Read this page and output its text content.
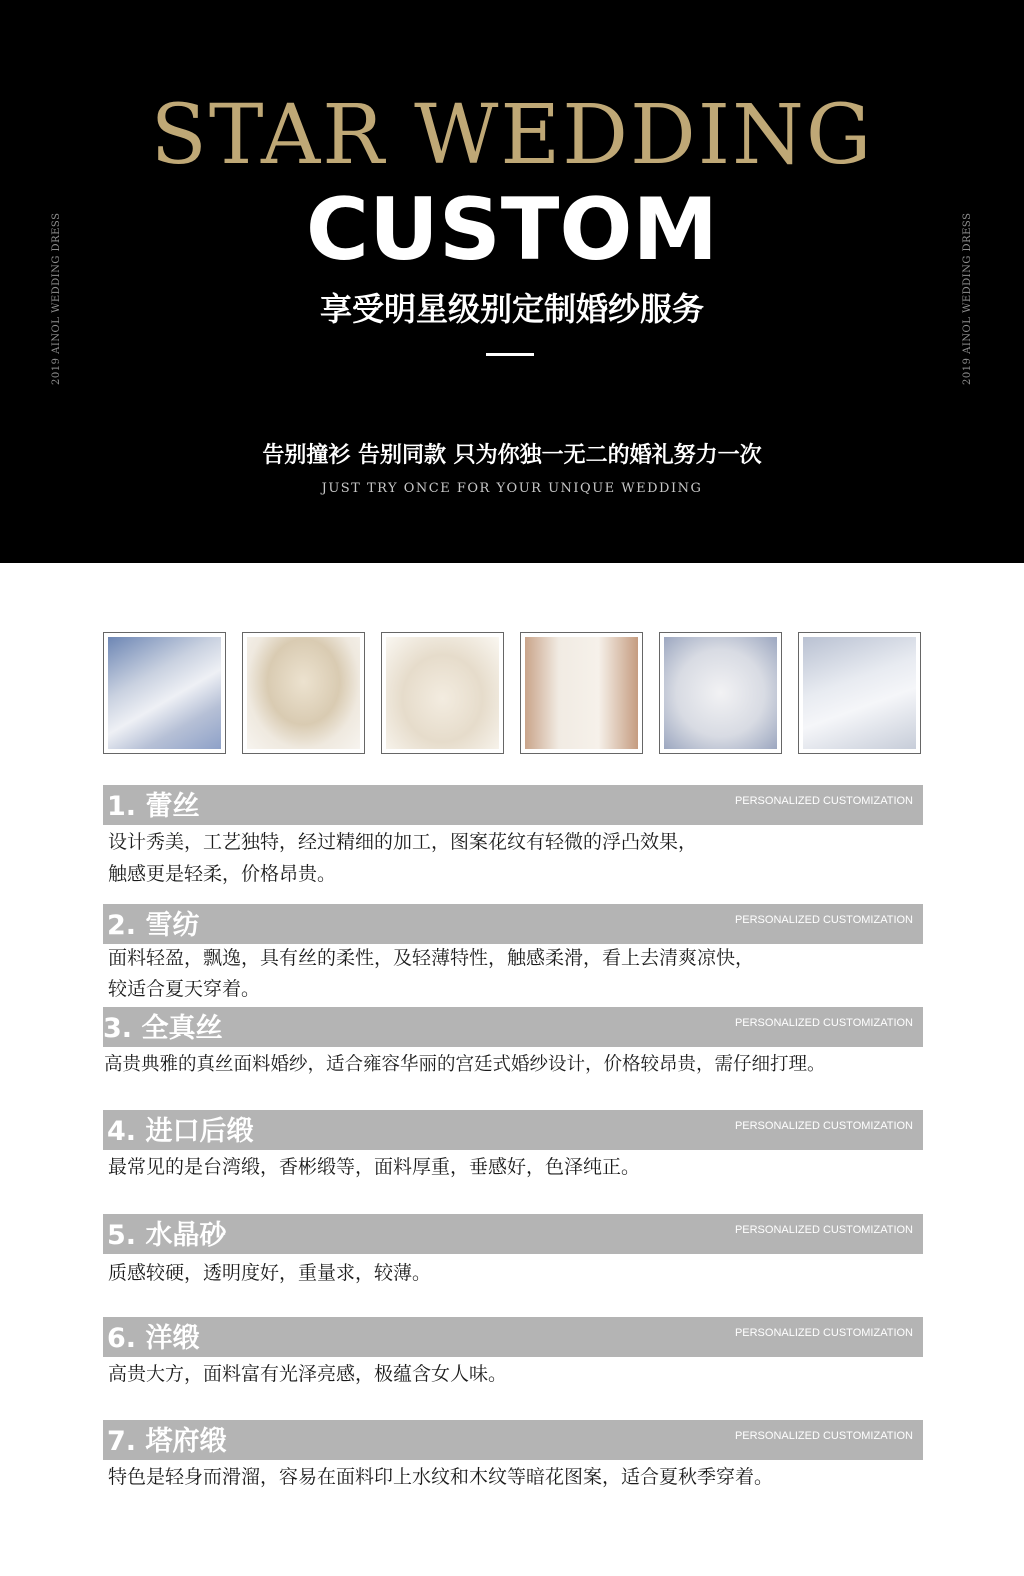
2019 AINOL WEDDING DRESS	2019 AINOL WEDDING DRESS
STAR WEDDING
CUSTOM
享受明星级别定制婚纱服务
告别撞衫 告别同款 只为你独一无二的婚礼努力一次
JUST TRY ONCE FOR YOUR UNIQUE WEDDING
1. 蕾丝	PERSONALIZED CUSTOMIZATION
设计秀美，工艺独特，经过精细的加工，图案花纹有轻微的浮凸效果，
触感更是轻柔，价格昂贵。
2. 雪纺	PERSONALIZED CUSTOMIZATION
面料轻盈，飘逸，具有丝的柔性，及轻薄特性，触感柔滑，看上去清爽凉快，
较适合夏天穿着。
3. 全真丝	PERSONALIZED CUSTOMIZATION
高贵典雅的真丝面料婚纱，适合雍容华丽的宫廷式婚纱设计，价格较昂贵，需仔细打理。
4. 进口后缎	PERSONALIZED CUSTOMIZATION
最常见的是台湾缎，香彬缎等，面料厚重，垂感好，色泽纯正。
5. 水晶砂	PERSONALIZED CUSTOMIZATION
质感较硬，透明度好，重量求，较薄。
6. 洋缎	PERSONALIZED CUSTOMIZATION
高贵大方，面料富有光泽亮感，极蕴含女人味。
7. 塔府缎	PERSONALIZED CUSTOMIZATION
特色是轻身而滑溜，容易在面料印上水纹和木纹等暗花图案，适合夏秋季穿着。
